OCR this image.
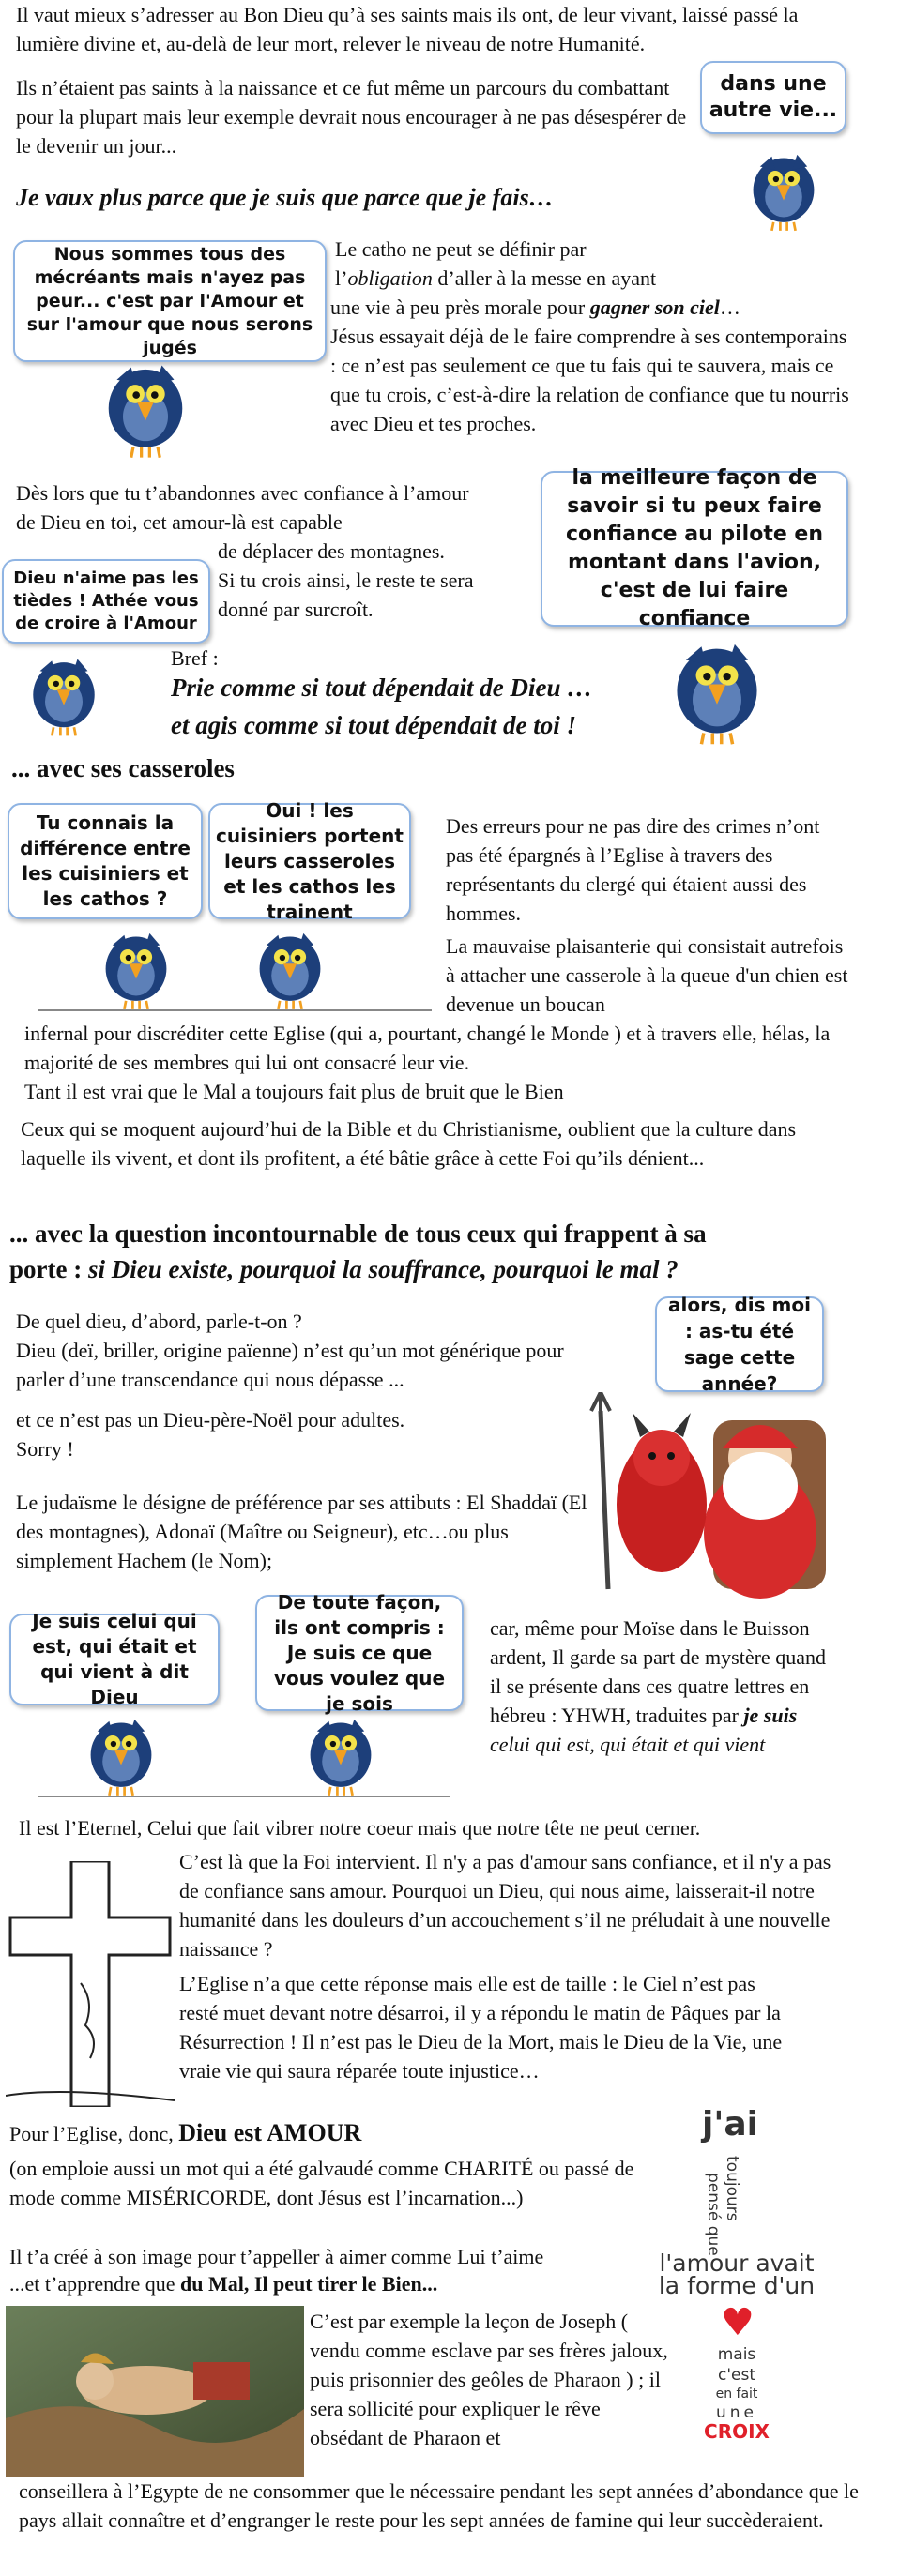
Il vaut mieux s’adresser au Bon Dieu qu’à ses saints mais ils ont, de leur vivant, laissé passé la lumière divine et, au-delà de leur mort, relever le niveau de notre Humanité.
Ils n’étaient pas saints à la naissance et ce fut même un parcours du combattant pour la plupart mais leur exemple devrait nous encourager à ne pas désespérer de le devenir un jour...
dans une autre vie...
Je vaux plus parce que je suis que parce que je fais…
Nous sommes tous des mécréants mais n'ayez pas peur... c'est par l'Amour et sur l'amour que nous serons jugés
Le catho ne peut se définir par
l’obligation d’aller à la messe en ayant
une vie à peu près morale pour gagner son ciel…
Jésus essayait déjà de le faire comprendre à ses contemporains : ce n’est pas seulement ce que tu fais qui te sauvera, mais ce que tu crois, c’est-à-dire la relation de confiance que tu nourris avec Dieu et tes proches.
Dès lors que tu t’abandonnes avec confiance à l’amour de Dieu en toi, cet amour-là est capable
de déplacer des montagnes.
Si tu crois ainsi, le reste te sera donné par surcroît.
Dieu n'aime pas les tièdes ! Athée vous de croire à l'Amour
la meilleure façon de savoir si tu peux faire confiance au pilote en montant dans l'avion, c'est de lui faire confiance
Bref :
Prie comme si tout dépendait de Dieu …
et agis comme si tout dépendait de toi !
... avec ses casseroles
Tu connais la différence entre les cuisiniers et les cathos ?
Oui ! les cuisiniers portent leurs casseroles et les cathos les trainent
Des erreurs pour ne pas dire des crimes n’ont pas été épargnés à l’Eglise à travers des représentants du clergé qui étaient aussi des hommes.
La mauvaise plaisanterie qui consistait autrefois à attacher une casserole à la queue d'un chien est devenue un boucan
infernal pour discréditer cette Eglise (qui a, pourtant, changé le Monde ) et à travers elle, hélas, la majorité de ses membres qui lui ont consacré leur vie.
Tant il est vrai que le Mal a toujours fait plus de bruit que le Bien
Ceux qui se moquent aujourd’hui de la Bible et du Christianisme, oublient que la culture dans laquelle ils vivent, et dont ils profitent, a été bâtie grâce à cette Foi qu’ils dénient...
... avec la question incontournable de tous ceux qui frappent à sa
porte : si Dieu existe, pourquoi la souffrance, pourquoi le mal ?
De quel dieu, d’abord, parle-t-on ?
Dieu (deï, briller, origine païenne) n’est qu’un mot générique pour parler d’une transcendance qui nous dépasse ...
et ce n’est pas un Dieu-père-Noël pour adultes.
Sorry !
Le judaïsme le désigne de préférence par ses attibuts : El Shaddaï (El des montagnes), Adonaï (Maître ou Seigneur), etc…ou plus simplement Hachem (le Nom);
alors, dis moi : as-tu été sage cette année?
Je suis celui qui est, qui était et qui vient à dit Dieu
De toute façon, ils ont compris : Je suis ce que vous voulez que je sois
car, même pour Moïse dans le Buisson ardent, Il garde sa part de mystère quand il se présente dans ces quatre lettres en hébreu : YHWH, traduites par je suis celui qui est, qui était et qui vient
Il est l’Eternel, Celui que fait vibrer notre coeur mais que notre tête ne peut cerner.
C’est là que la Foi intervient. Il n'y a pas d'amour sans confiance, et il n'y a pas de confiance sans amour. Pourquoi un Dieu, qui nous aime, laisserait-il notre humanité dans les douleurs d’un accouchement s’il ne préludait à une nouvelle naissance ?
L’Eglise n’a que cette réponse mais elle est de taille : le Ciel n’est pas resté muet devant notre désarroi, il y a répondu le matin de Pâques par la Résurrection ! Il n’est pas le Dieu de la Mort, mais le Dieu de la Vie, une vraie vie qui saura réparée toute injustice…
Pour l’Eglise, donc, Dieu est AMOUR
(on emploie aussi un mot qui a été galvaudé comme CHARITÉ ou passé de mode comme MISÉRICORDE, dont Jésus est l’incarnation...)
Il t’a créé à son image pour t’appeller à aimer comme Lui t’aime
...et t’apprendre que du Mal, Il peut tirer le Bien...
j'ai
pensé que toujours
l'amour avait
la forme d'un
♥
mais
c'est
en fait
une
CROIX
C’est par exemple la leçon de Joseph ( vendu comme esclave par ses frères jaloux, puis prisonnier des geôles de Pharaon ) ; il sera sollicité pour expliquer le rêve obsédant de Pharaon et
conseillera à l’Egypte de ne consommer que le nécessaire pendant les sept années d’abondance que le pays allait connaître et d’engranger le reste pour les sept années de famine qui leur succèderaient.
